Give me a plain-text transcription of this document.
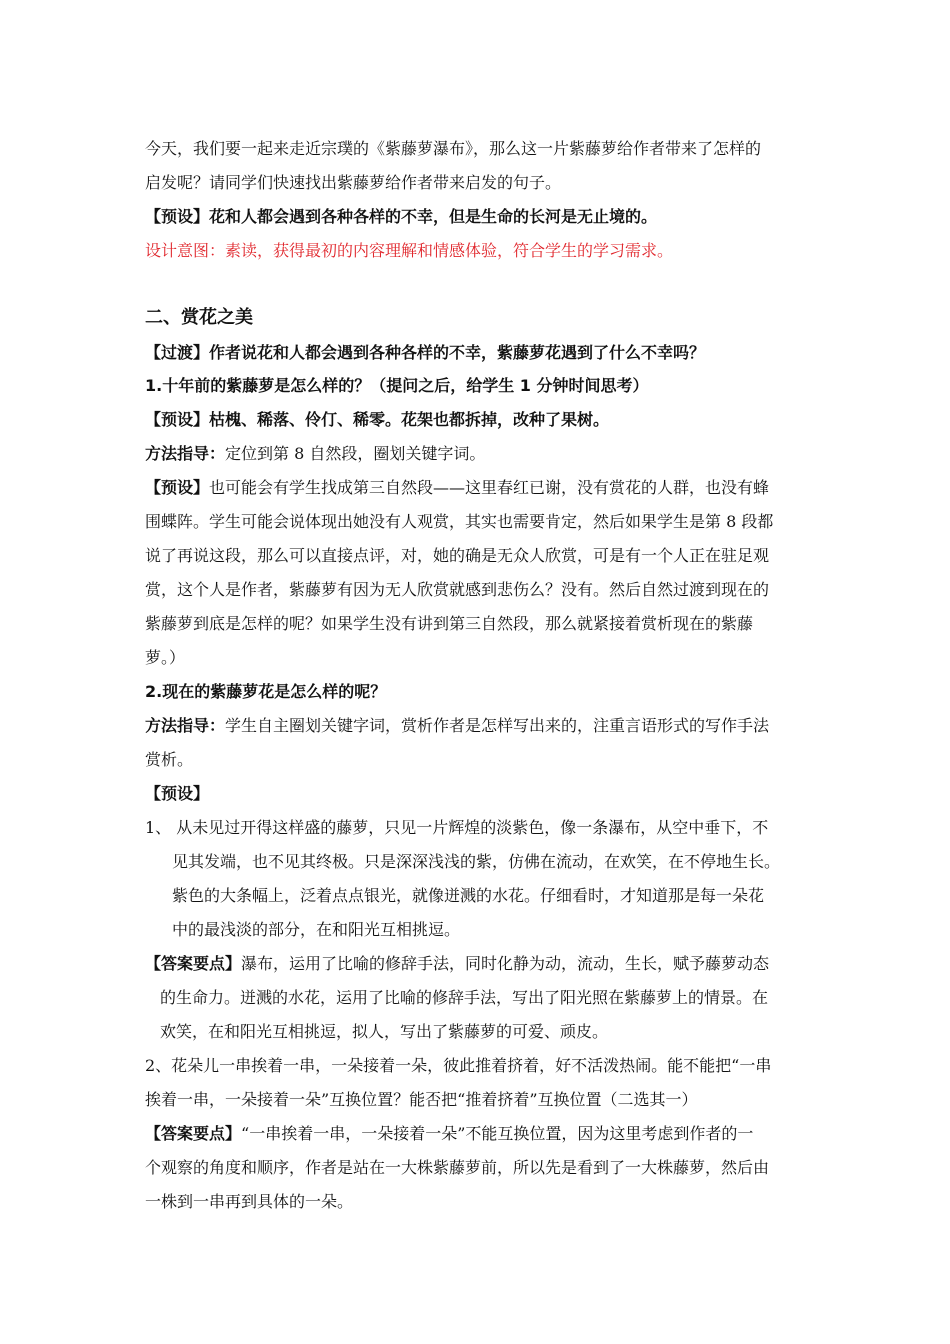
今天，我们要一起来走近宗璞的《紫藤萝瀑布》，那么这一片紫藤萝给作者带来了怎样的
启发呢？请同学们快速找出紫藤萝给作者带来启发的句子。
【预设】花和人都会遇到各种各样的不幸，但是生命的长河是无止境的。
设计意图：素读，获得最初的内容理解和情感体验，符合学生的学习需求。
二、赏花之美
【过渡】作者说花和人都会遇到各种各样的不幸，紫藤萝花遇到了什么不幸吗？
1.十年前的紫藤萝是怎么样的？（提问之后，给学生 1 分钟时间思考）
【预设】枯槐、稀落、伶仃、稀零。花架也都拆掉，改种了果树。
方法指导：定位到第 8 自然段，圈划关键字词。
【预设】也可能会有学生找成第三自然段——这里春红已谢，没有赏花的人群，也没有蜂
围蝶阵。学生可能会说体现出她没有人观赏，其实也需要肯定，然后如果学生是第 8 段都
说了再说这段，那么可以直接点评，对，她的确是无众人欣赏，可是有一个人正在驻足观
赏，这个人是作者，紫藤萝有因为无人欣赏就感到悲伤么？没有。然后自然过渡到现在的
紫藤萝到底是怎样的呢？如果学生没有讲到第三自然段，那么就紧接着赏析现在的紫藤
萝。）
2.现在的紫藤萝花是怎么样的呢？
方法指导：学生自主圈划关键字词，赏析作者是怎样写出来的，注重言语形式的写作手法
赏析。
【预设】
1、 从未见过开得这样盛的藤萝，只见一片辉煌的淡紫色，像一条瀑布，从空中垂下，不
见其发端，也不见其终极。只是深深浅浅的紫，仿佛在流动，在欢笑，在不停地生长。
紫色的大条幅上，泛着点点银光，就像迸溅的水花。仔细看时，才知道那是每一朵花
中的最浅淡的部分，在和阳光互相挑逗。
【答案要点】瀑布，运用了比喻的修辞手法，同时化静为动，流动，生长，赋予藤萝动态
的生命力。迸溅的水花，运用了比喻的修辞手法，写出了阳光照在紫藤萝上的情景。在
欢笑，在和阳光互相挑逗，拟人，写出了紫藤萝的可爱、顽皮。
2、花朵儿一串挨着一串，一朵接着一朵，彼此推着挤着，好不活泼热闹。能不能把“一串
挨着一串，一朵接着一朵”互换位置？能否把“推着挤着”互换位置（二选其一）
【答案要点】“一串挨着一串，一朵接着一朵”不能互换位置，因为这里考虑到作者的一
个观察的角度和顺序，作者是站在一大株紫藤萝前，所以先是看到了一大株藤萝，然后由
一株到一串再到具体的一朵。
